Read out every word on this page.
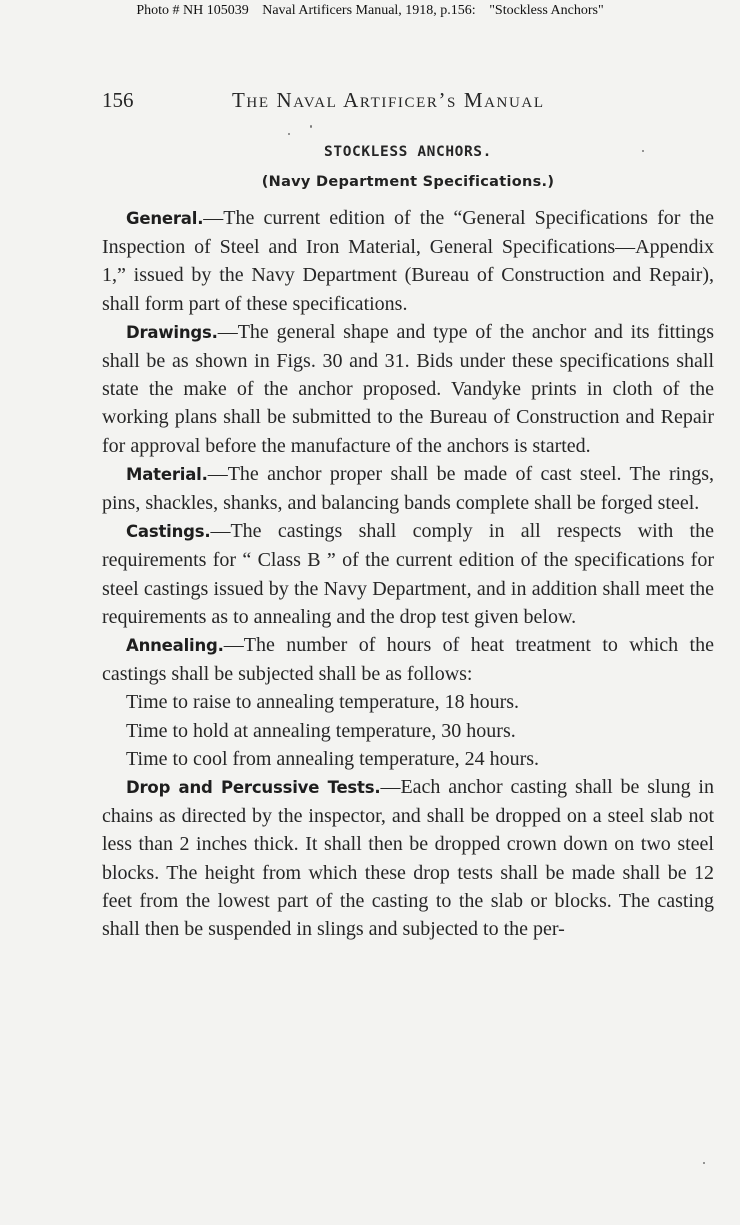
Photo # NH 105039 Naval Artificers Manual, 1918, p.156: "Stockless Anchors"
156	The Naval Artificer’s Manual
STOCKLESS ANCHORS.
(Navy Department Specifications.)

General.—The current edition of the “General Specifications for the Inspection of Steel and Iron Material, General Specifications—Appendix 1,” issued by the Navy Department (Bureau of Construction and Repair), shall form part of these specifications.

Drawings.—The general shape and type of the anchor and its fittings shall be as shown in Figs. 30 and 31. Bids under these specifications shall state the make of the anchor proposed. Vandyke prints in cloth of the working plans shall be submitted to the Bureau of Construction and Repair for approval before the manufacture of the anchors is started.

Material.—The anchor proper shall be made of cast steel. The rings, pins, shackles, shanks, and balancing bands complete shall be forged steel.

Castings.—The castings shall comply in all respects with the requirements for “ Class B ” of the current edition of the specifications for steel castings issued by the Navy Department, and in addition shall meet the requirements as to annealing and the drop test given below.

Annealing.—The number of hours of heat treatment to which the castings shall be subjected shall be as follows:

Time to raise to annealing temperature, 18 hours.
Time to hold at annealing temperature, 30 hours.
Time to cool from annealing temperature, 24 hours.

Drop and Percussive Tests.—Each anchor casting shall be slung in chains as directed by the inspector, and shall be dropped on a steel slab not less than 2 inches thick. It shall then be dropped crown down on two steel blocks. The height from which these drop tests shall be made shall be 12 feet from the lowest part of the casting to the slab or blocks. The casting shall then be suspended in slings and subjected to the per-
